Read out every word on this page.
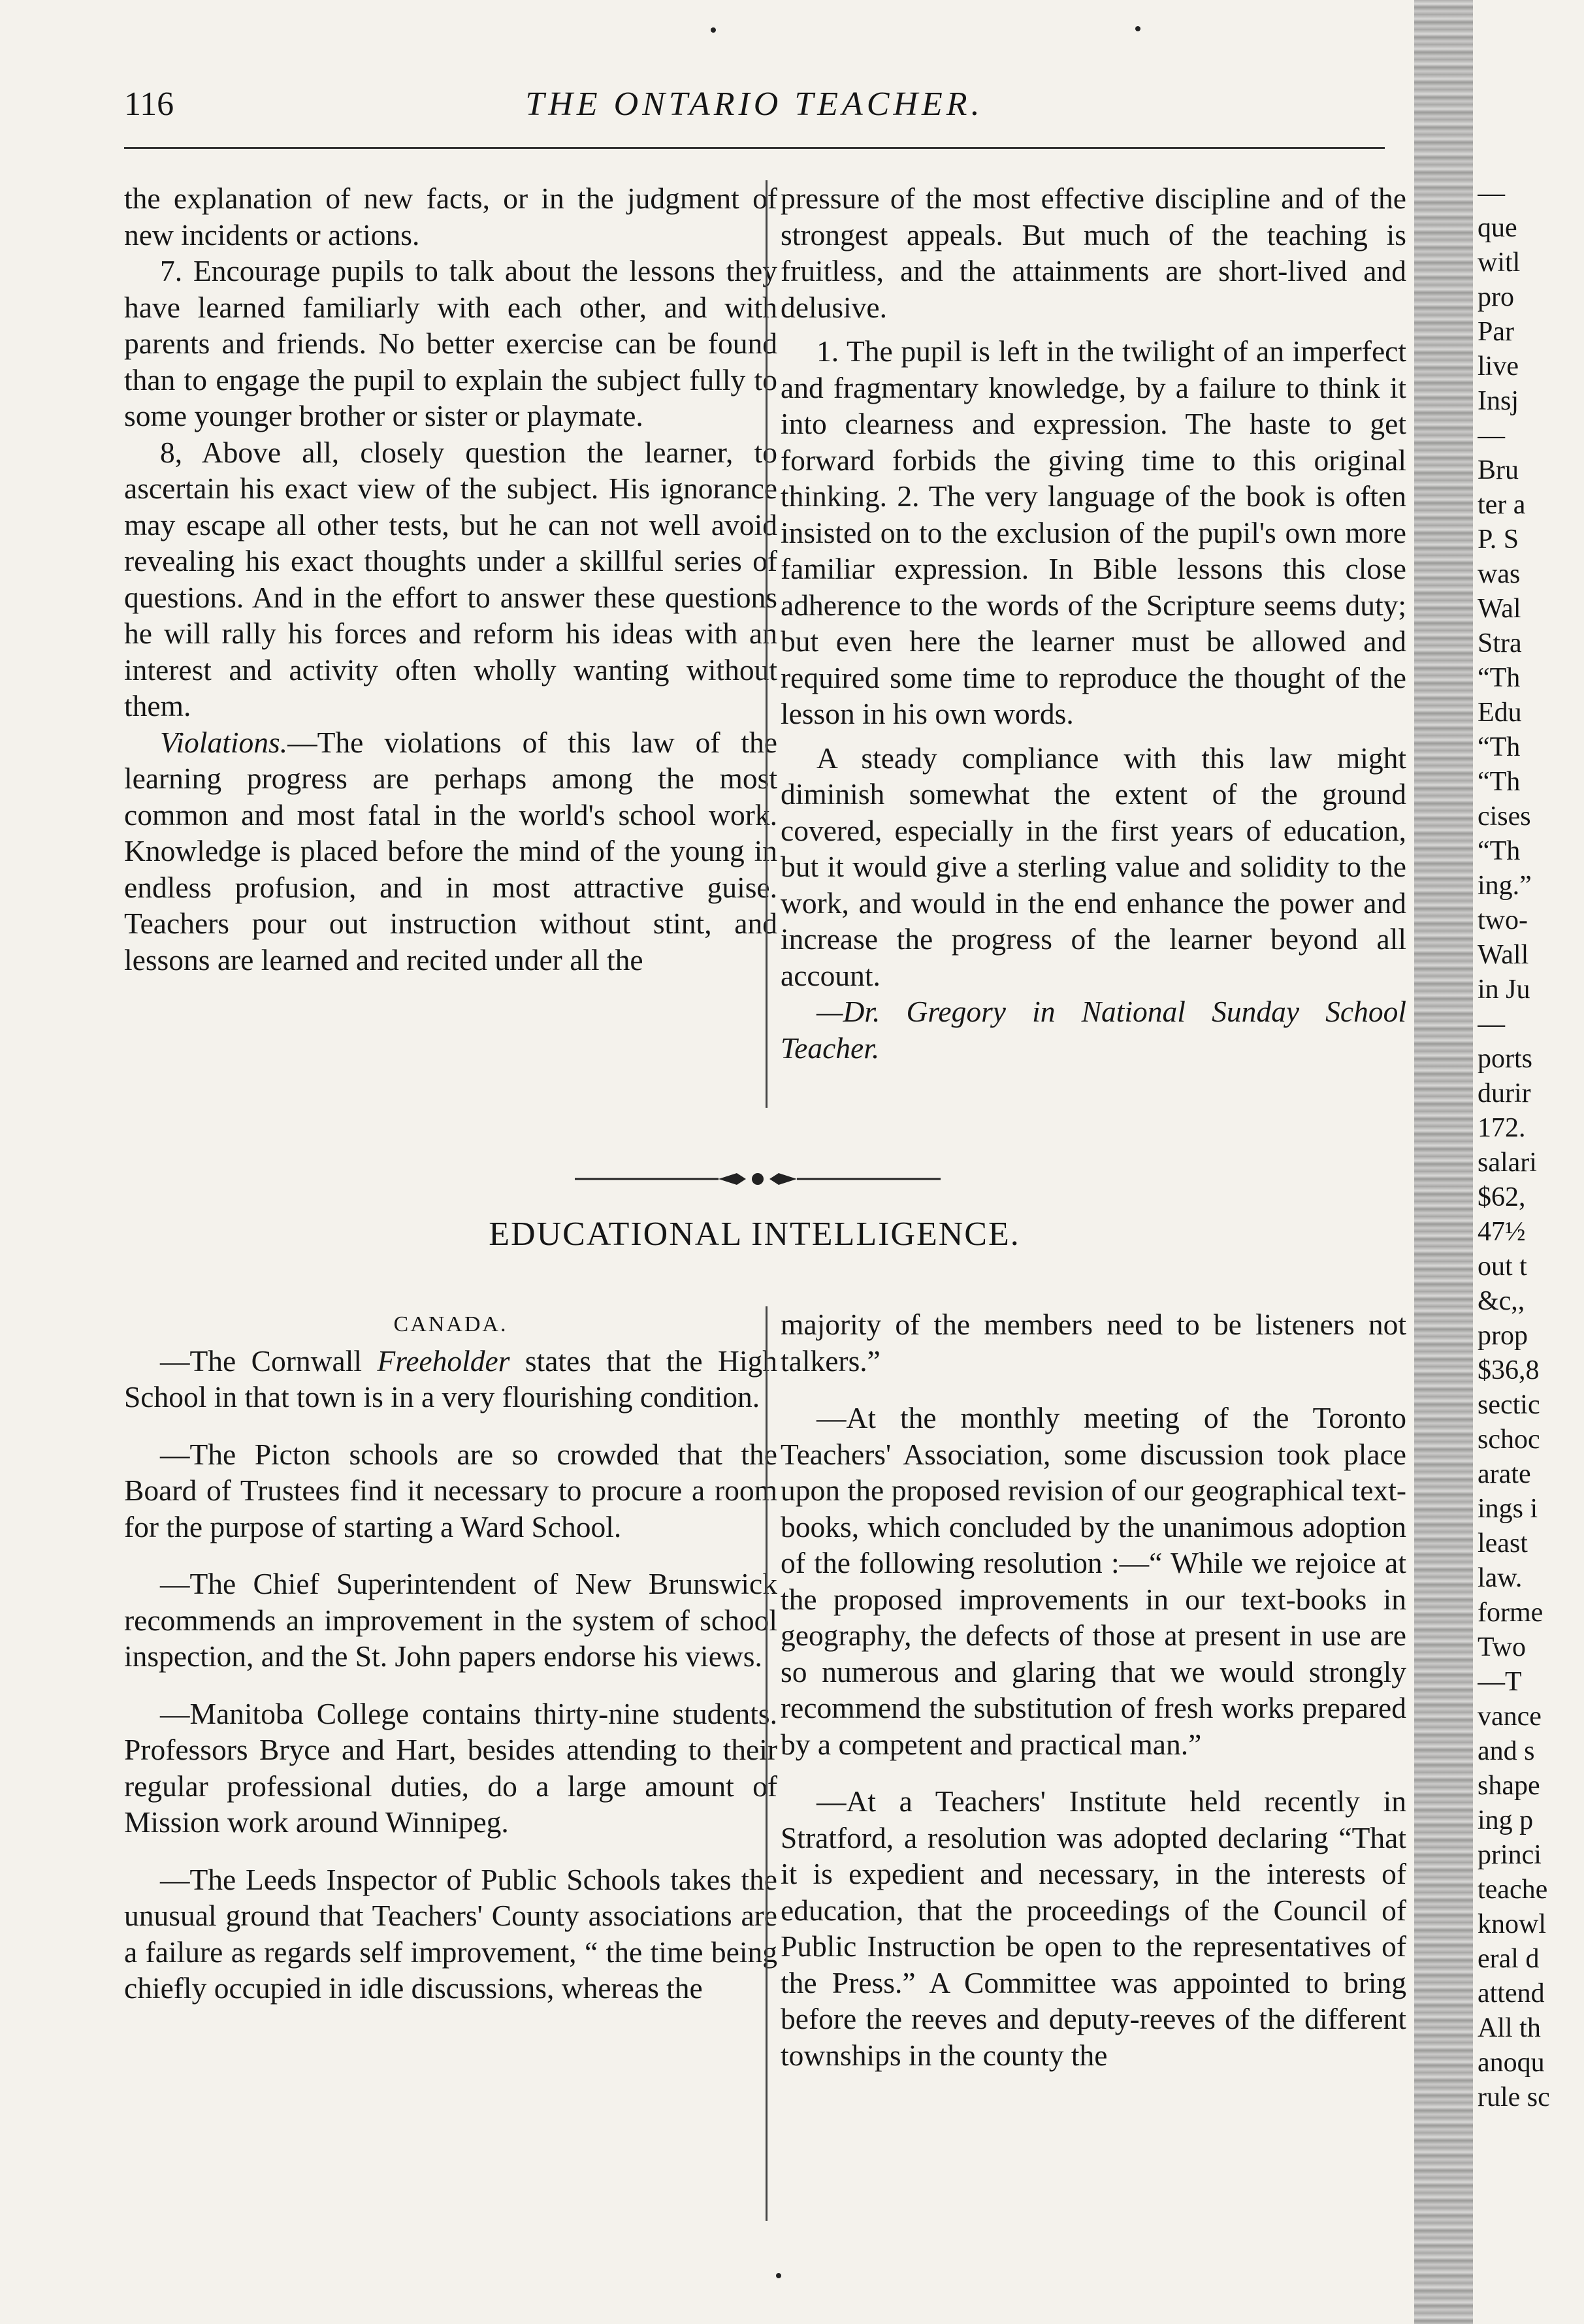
116	THE ONTARIO TEACHER.

the explanation of new facts, or in the judgment of new incidents or actions.

7. Encourage pupils to talk about the lessons they have learned familiarly with each other, and with parents and friends. No better exercise can be found than to engage the pupil to explain the subject fully to some younger brother or sister or playmate.

8, Above all, closely question the learner, to ascertain his exact view of the subject. His ignorance may escape all other tests, but he can not well avoid revealing his exact thoughts under a skillful series of questions. And in the effort to answer these questions he will rally his forces and reform his ideas with an interest and activity often wholly wanting without them.

Violations.—The violations of this law of the learning progress are perhaps among the most common and most fatal in the world's school work. Knowledge is placed before the mind of the young in endless profusion, and in most attractive guise. Teachers pour out instruction without stint, and lessons are learned and recited under all the

pressure of the most effective discipline and of the strongest appeals. But much of the teaching is fruitless, and the attainments are short-lived and delusive.

1. The pupil is left in the twilight of an imperfect and fragmentary knowledge, by a failure to think it into clearness and expression. The haste to get forward forbids the giving time to this original thinking. 2. The very language of the book is often insisted on to the exclusion of the pupil's own more familiar expression. In Bible lessons this close adherence to the words of the Scripture seems duty; but even here the learner must be allowed and required some time to reproduce the thought of the lesson in his own words.

A steady compliance with this law might diminish somewhat the extent of the ground covered, especially in the first years of education, but it would give a sterling value and solidity to the work, and would in the end enhance the power and increase the progress of the learner beyond all account.

—Dr. Gregory in National Sunday School Teacher.

EDUCATIONAL INTELLIGENCE.

CANADA.

—The Cornwall Freeholder states that the High School in that town is in a very flourishing condition.

—The Picton schools are so crowded that the Board of Trustees find it necessary to procure a room for the purpose of starting a Ward School.

—The Chief Superintendent of New Brunswick recommends an improvement in the system of school inspection, and the St. John papers endorse his views.

—Manitoba College contains thirty-nine students. Professors Bryce and Hart, besides attending to their regular professional duties, do a large amount of Mission work around Winnipeg.

—The Leeds Inspector of Public Schools takes the unusual ground that Teachers' County associations are a failure as regards self improvement, “ the time being chiefly occupied in idle discussions, whereas the

majority of the members need to be listeners not talkers.”

—At the monthly meeting of the Toronto Teachers' Association, some discussion took place upon the proposed revision of our geographical text-books, which concluded by the unanimous adoption of the following resolution :—“ While we rejoice at the proposed improvements in our text-books in geography, the defects of those at present in use are so numerous and glaring that we would strongly recommend the substitution of fresh works prepared by a competent and practical man.”

—At a Teachers' Institute held recently in Stratford, a resolution was adopted declaring “That it is expedient and necessary, in the interests of education, that the proceedings of the Council of Public Instruction be open to the representatives of the Press.” A Committee was appointed to bring before the reeves and deputy-reeves of the different townships in the county the

—
que
witl
pro
Par
live
Insj
—
Bru
ter a
P. S
was
Wal
Stra
“Th
Edu
“Th
“Th
cises
“Th
ing.”
two-
Wall
in Ju
—
ports
durir
172.
salari
$62,
47½
out t
&c,,
prop
$36,8
sectic
schoc
arate
ings i
least
law.
forme
Two
—T
vance
and s
shape
ing p
princi
teache
knowl
eral d
attend
All th
anoqu
rule sc
